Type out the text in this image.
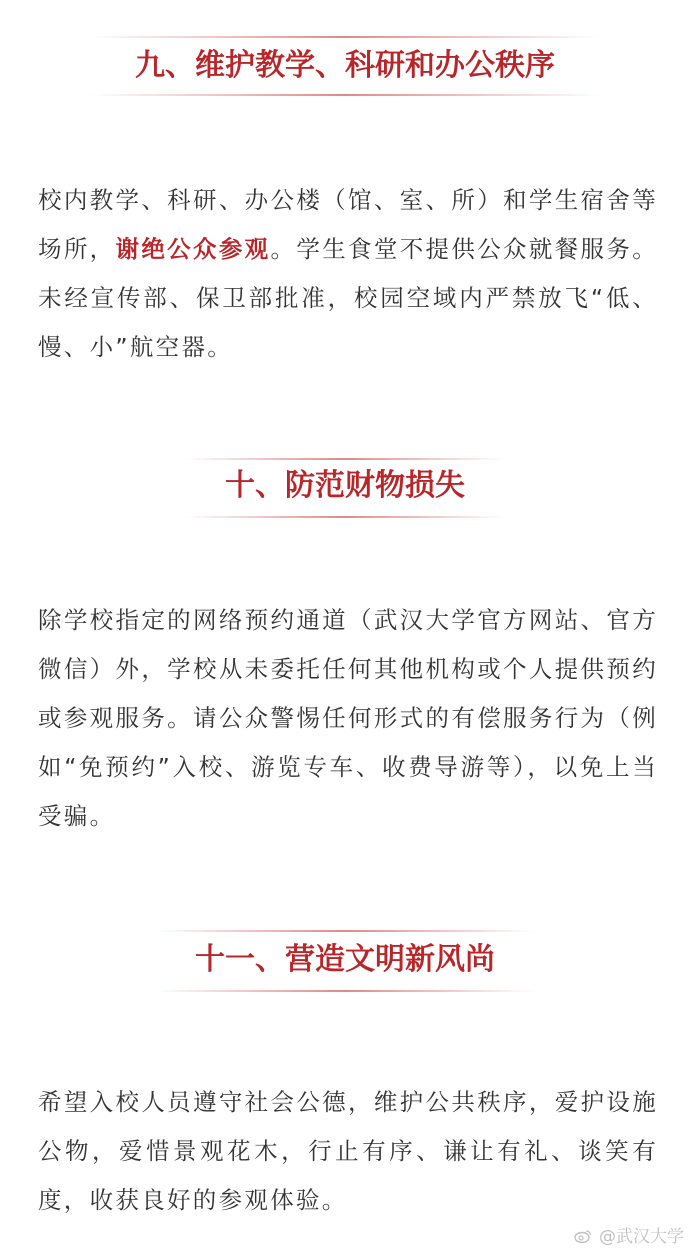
九、维护教学、科研和办公秩序

校内教学、科研、办公楼（馆、室、所）和学生宿舍等场所，谢绝公众参观。学生食堂不提供公众就餐服务。未经宣传部、保卫部批准，校园空域内严禁放飞“低、慢、小”航空器。

十、防范财物损失

除学校指定的网络预约通道（武汉大学官方网站、官方微信）外，学校从未委托任何其他机构或个人提供预约或参观服务。请公众警惕任何形式的有偿服务行为（例如“免预约”入校、游览专车、收费导游等），以免上当受骗。

十一、营造文明新风尚

希望入校人员遵守社会公德，维护公共秩序，爱护设施公物，爱惜景观花木，行止有序、谦让有礼、谈笑有度，收获良好的参观体验。

@武汉大学
